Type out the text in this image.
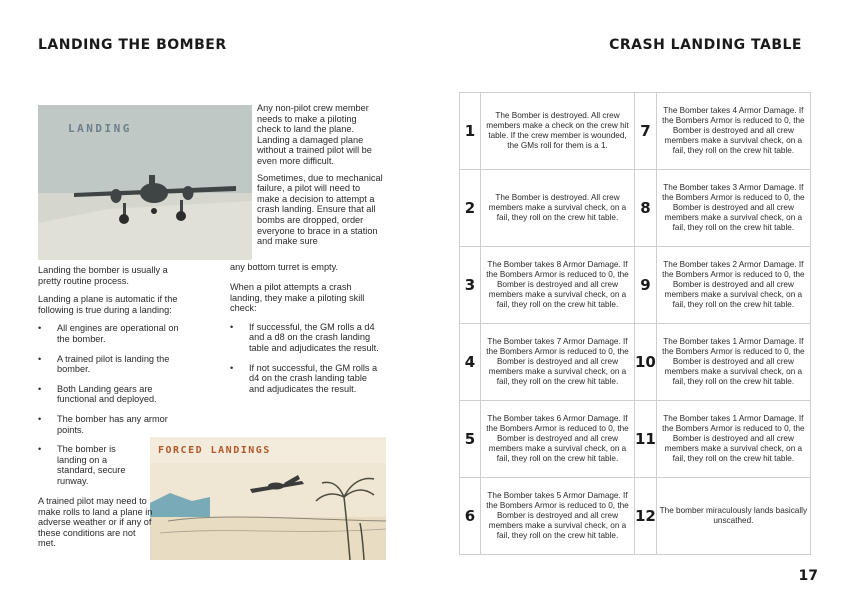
LANDING THE BOMBER	CRASH LANDING TABLE
LANDING
FORCED LANDINGS

Any non-pilot crew member needs to make a piloting check to land the plane. Landing a damaged plane without a trained pilot will be even more difficult.

Sometimes, due to mechanical failure, a pilot will need to make a decision to attempt a crash landing. Ensure that all bombs are dropped, order everyone to brace in a station and make sure

any bottom turret is empty.

When a pilot attempts a crash landing, they make a piloting skill check:

• If successful, the GM rolls a d4 and a d8 on the crash landing table and adjudicates the result.
• If not successful, the GM rolls a d4 on the crash landing table and adjudicates the result.

Landing the bomber is usually a pretty routine process.

Landing a plane is automatic if the following is true during a landing:

• All engines are operational on the bomber.
• A trained pilot is landing the bomber.
• Both Landing gears are functional and deployed.
• The bomber has any armor points.
• The bomber is landing on a standard, secure runway.
A trained pilot may need to make rolls to land a plane in adverse weather or if any of these conditions are not met.
1	The Bomber is destroyed. All crew members make a check on the crew hit table. If the crew member is wounded, the GMs roll for them is a 1.	7	The Bomber takes 4 Armor Damage. If the Bombers Armor is reduced to 0, the Bomber is destroyed and all crew members make a survival check, on a fail, they roll on the crew hit table.
2	The Bomber is destroyed. All crew members make a survival check, on a fail, they roll on the crew hit table.	8	The Bomber takes 3 Armor Damage. If the Bombers Armor is reduced to 0, the Bomber is destroyed and all crew members make a survival check, on a fail, they roll on the crew hit table.
3	The Bomber takes 8 Armor Damage. If the Bombers Armor is reduced to 0, the Bomber is destroyed and all crew members make a survival check, on a fail, they roll on the crew hit table.	9	The Bomber takes 2 Armor Damage. If the Bombers Armor is reduced to 0, the Bomber is destroyed and all crew members make a survival check, on a fail, they roll on the crew hit table.
4	The Bomber takes 7 Armor Damage. If the Bombers Armor is reduced to 0, the Bomber is destroyed and all crew members make a survival check, on a fail, they roll on the crew hit table.	10	The Bomber takes 1 Armor Damage. If the Bombers Armor is reduced to 0, the Bomber is destroyed and all crew members make a survival check, on a fail, they roll on the crew hit table.
5	The Bomber takes 6 Armor Damage. If the Bombers Armor is reduced to 0, the Bomber is destroyed and all crew members make a survival check, on a fail, they roll on the crew hit table.	11	The Bomber takes 1 Armor Damage. If the Bombers Armor is reduced to 0, the Bomber is destroyed and all crew members make a survival check, on a fail, they roll on the crew hit table.
6	The Bomber takes 5 Armor Damage. If the Bombers Armor is reduced to 0, the Bomber is destroyed and all crew members make a survival check, on a fail, they roll on the crew hit table.	12	The bomber miraculously lands basically unscathed.
17
